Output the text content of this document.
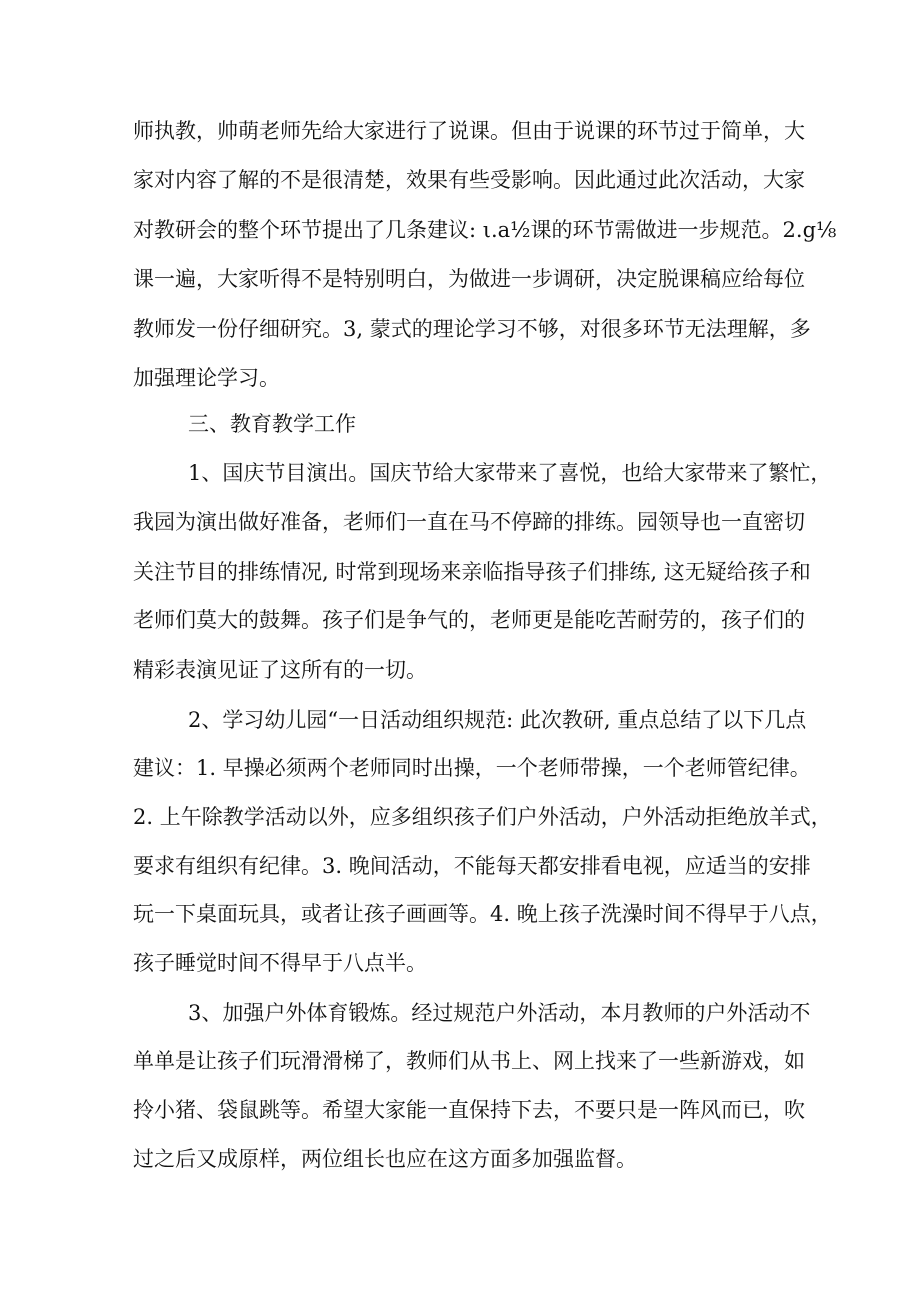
师执教，帅萌老师先给大家进行了说课。但由于说课的环节过于简单，大
家对内容了解的不是很清楚，效果有些受影响。因此通过此次活动，大家
对教研会的整个环节提出了几条建议: ι.a½课的环节需做进一步规范。2.g⅛
课一遍，大家听得不是特别明白，为做进一步调研，决定脱课稿应给每位
教师发一份仔细研究。3, 蒙式的理论学习不够，对很多环节无法理解，多
加强理论学习。
三、教育教学工作
1、国庆节目演出。国庆节给大家带来了喜悦，也给大家带来了繁忙，
我园为演出做好准备，老师们一直在马不停蹄的排练。园领导也一直密切
关注节目的排练情况, 时常到现场来亲临指导孩子们排练, 这无疑给孩子和
老师们莫大的鼓舞。孩子们是争气的，老师更是能吃苦耐劳的，孩子们的
精彩表演见证了这所有的一切。
2、学习幼儿园“一日活动组织规范: 此次教研, 重点总结了以下几点
建议：1. 早操必须两个老师同时出操，一个老师带操，一个老师管纪律。
2. 上午除教学活动以外，应多组织孩子们户外活动，户外活动拒绝放羊式，
要求有组织有纪律。3. 晚间活动，不能每天都安排看电视，应适当的安排
玩一下桌面玩具，或者让孩子画画等。4. 晚上孩子洗澡时间不得早于八点，
孩子睡觉时间不得早于八点半。
3、加强户外体育锻炼。经过规范户外活动，本月教师的户外活动不
单单是让孩子们玩滑滑梯了，教师们从书上、网上找来了一些新游戏，如
拎小猪、袋鼠跳等。希望大家能一直保持下去，不要只是一阵风而已，吹
过之后又成原样，两位组长也应在这方面多加强监督。
